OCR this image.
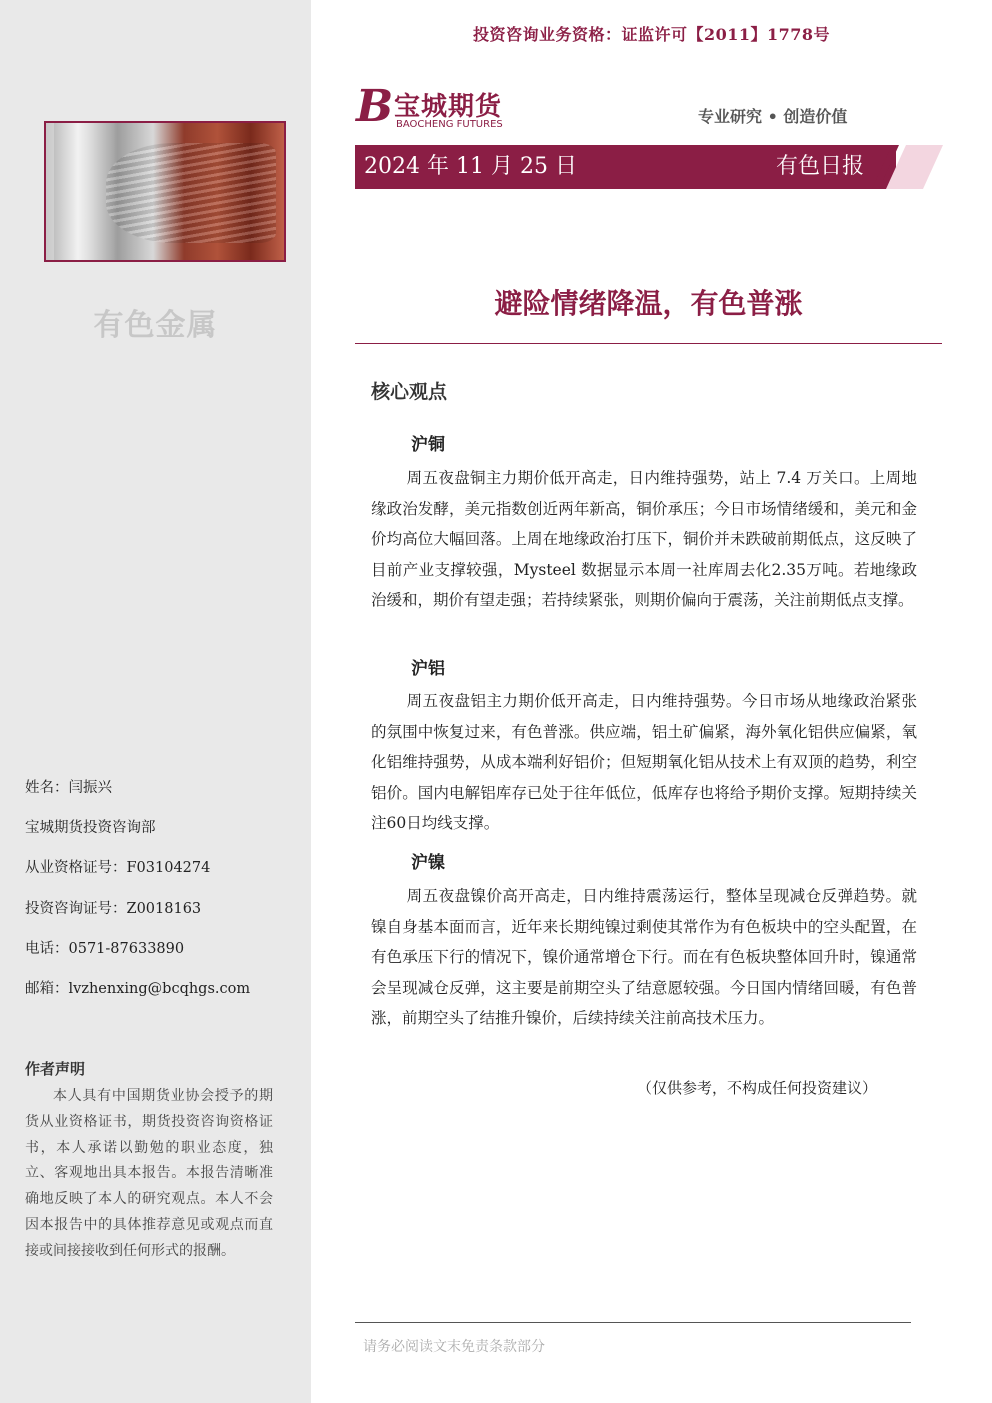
有色金属
姓名：闫振兴
宝城期货投资咨询部
从业资格证号：F03104274
投资咨询证号：Z0018163
电话：0571-87633890
邮箱：lvzhenxing@bcqhgs.com
作者声明
本人具有中国期货业协会授予的期货从业资格证书，期货投资咨询资格证书，本人承诺以勤勉的职业态度，独立、客观地出具本报告。本报告清晰准确地反映了本人的研究观点。本人不会因本报告中的具体推荐意见或观点而直接或间接接收到任何形式的报酬。
投资咨询业务资格：证监许可【2011】1778号
B 宝城期货
BAOCHENG FUTURES	专业研究 • 创造价值
2024 年 11 月 25 日	有色日报
避险情绪降温，有色普涨
核心观点
沪铜
周五夜盘铜主力期价低开高走，日内维持强势，站上 7.4 万关口。上周地缘政治发酵，美元指数创近两年新高，铜价承压；今日市场情绪缓和，美元和金价均高位大幅回落。上周在地缘政治打压下，铜价并未跌破前期低点，这反映了目前产业支撑较强，Mysteel 数据显示本周一社库周去化2.35万吨。若地缘政治缓和，期价有望走强；若持续紧张，则期价偏向于震荡，关注前期低点支撑。
沪铝
周五夜盘铝主力期价低开高走，日内维持强势。今日市场从地缘政治紧张的氛围中恢复过来，有色普涨。供应端，铝土矿偏紧，海外氧化铝供应偏紧，氧化铝维持强势，从成本端利好铝价；但短期氧化铝从技术上有双顶的趋势，利空铝价。国内电解铝库存已处于往年低位，低库存也将给予期价支撑。短期持续关注60日均线支撑。
沪镍
周五夜盘镍价高开高走，日内维持震荡运行，整体呈现减仓反弹趋势。就镍自身基本面而言，近年来长期纯镍过剩使其常作为有色板块中的空头配置，在有色承压下行的情况下，镍价通常增仓下行。而在有色板块整体回升时，镍通常会呈现减仓反弹，这主要是前期空头了结意愿较强。今日国内情绪回暖，有色普涨，前期空头了结推升镍价，后续持续关注前高技术压力。
（仅供参考，不构成任何投资建议）
请务必阅读文末免责条款部分
